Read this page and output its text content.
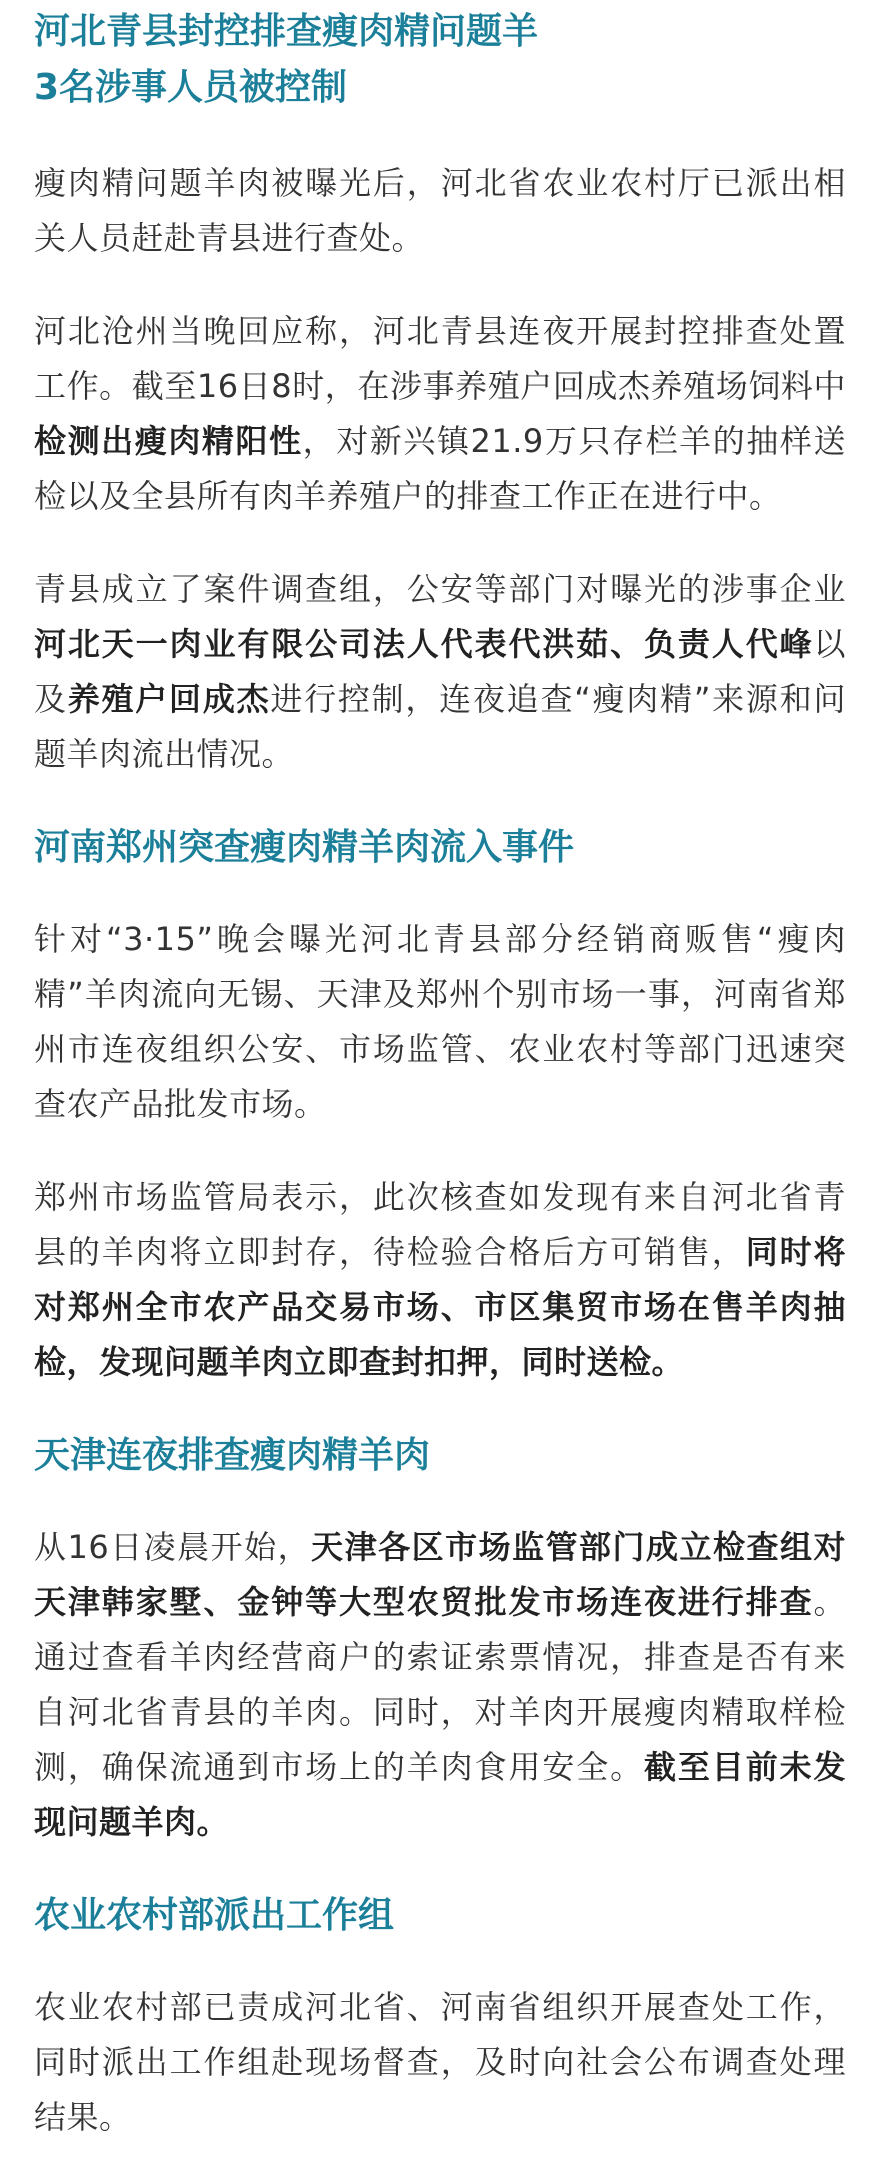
河北青县封控排查瘦肉精问题羊
3名涉事人员被控制

瘦肉精问题羊肉被曝光后，河北省农业农村厅已派出相关人员赶赴青县进行查处。

河北沧州当晚回应称，河北青县连夜开展封控排查处置工作。截至16日8时，在涉事养殖户回成杰养殖场饲料中检测出瘦肉精阳性，对新兴镇21.9万只存栏羊的抽样送检以及全县所有肉羊养殖户的排查工作正在进行中。

青县成立了案件调查组，公安等部门对曝光的涉事企业河北天一肉业有限公司法人代表代洪茹、负责人代峰以及养殖户回成杰进行控制，连夜追查“瘦肉精”来源和问题羊肉流出情况。

河南郑州突查瘦肉精羊肉流入事件

针对“3·15”晚会曝光河北青县部分经销商贩售“瘦肉精”羊肉流向无锡、天津及郑州个别市场一事，河南省郑州市连夜组织公安、市场监管、农业农村等部门迅速突查农产品批发市场。

郑州市场监管局表示，此次核查如发现有来自河北省青县的羊肉将立即封存，待检验合格后方可销售，同时将对郑州全市农产品交易市场、市区集贸市场在售羊肉抽检，发现问题羊肉立即查封扣押，同时送检。

天津连夜排查瘦肉精羊肉

从16日凌晨开始，天津各区市场监管部门成立检查组对天津韩家墅、金钟等大型农贸批发市场连夜进行排查。通过查看羊肉经营商户的索证索票情况，排查是否有来自河北省青县的羊肉。同时，对羊肉开展瘦肉精取样检测，确保流通到市场上的羊肉食用安全。截至目前未发现问题羊肉。

农业农村部派出工作组

农业农村部已责成河北省、河南省组织开展查处工作，同时派出工作组赴现场督查，及时向社会公布调查处理结果。
